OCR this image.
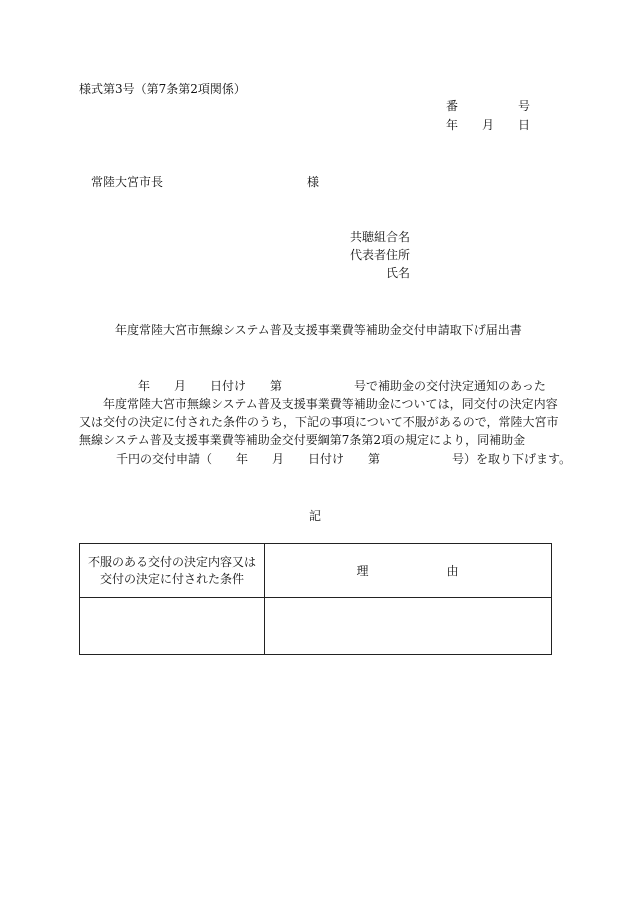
様式第3号（第7条第2項関係）
番　　　　　号
年　　月　　日
常陸大宮市長　　　　　　　　　　　　様
共聴組合名
代表者住所
氏名
年度常陸大宮市無線システム普及支援事業費等補助金交付申請取下げ届出書
年　　月　　日付け　　第　　　　　　号で補助金の交付決定通知のあった
年度常陸大宮市無線システム普及支援事業費等補助金については，同交付の決定内容
又は交付の決定に付された条件のうち，下記の事項について不服があるので，常陸大宮市
無線システム普及支援事業費等補助金交付要綱第7条第2項の規定により，同補助金
千円の交付申請（　　年　　月　　日付け　　第　　　　　　号）を取り下げます。
記
不服のある交付の決定内容又は
交付の決定に付された条件	理由
